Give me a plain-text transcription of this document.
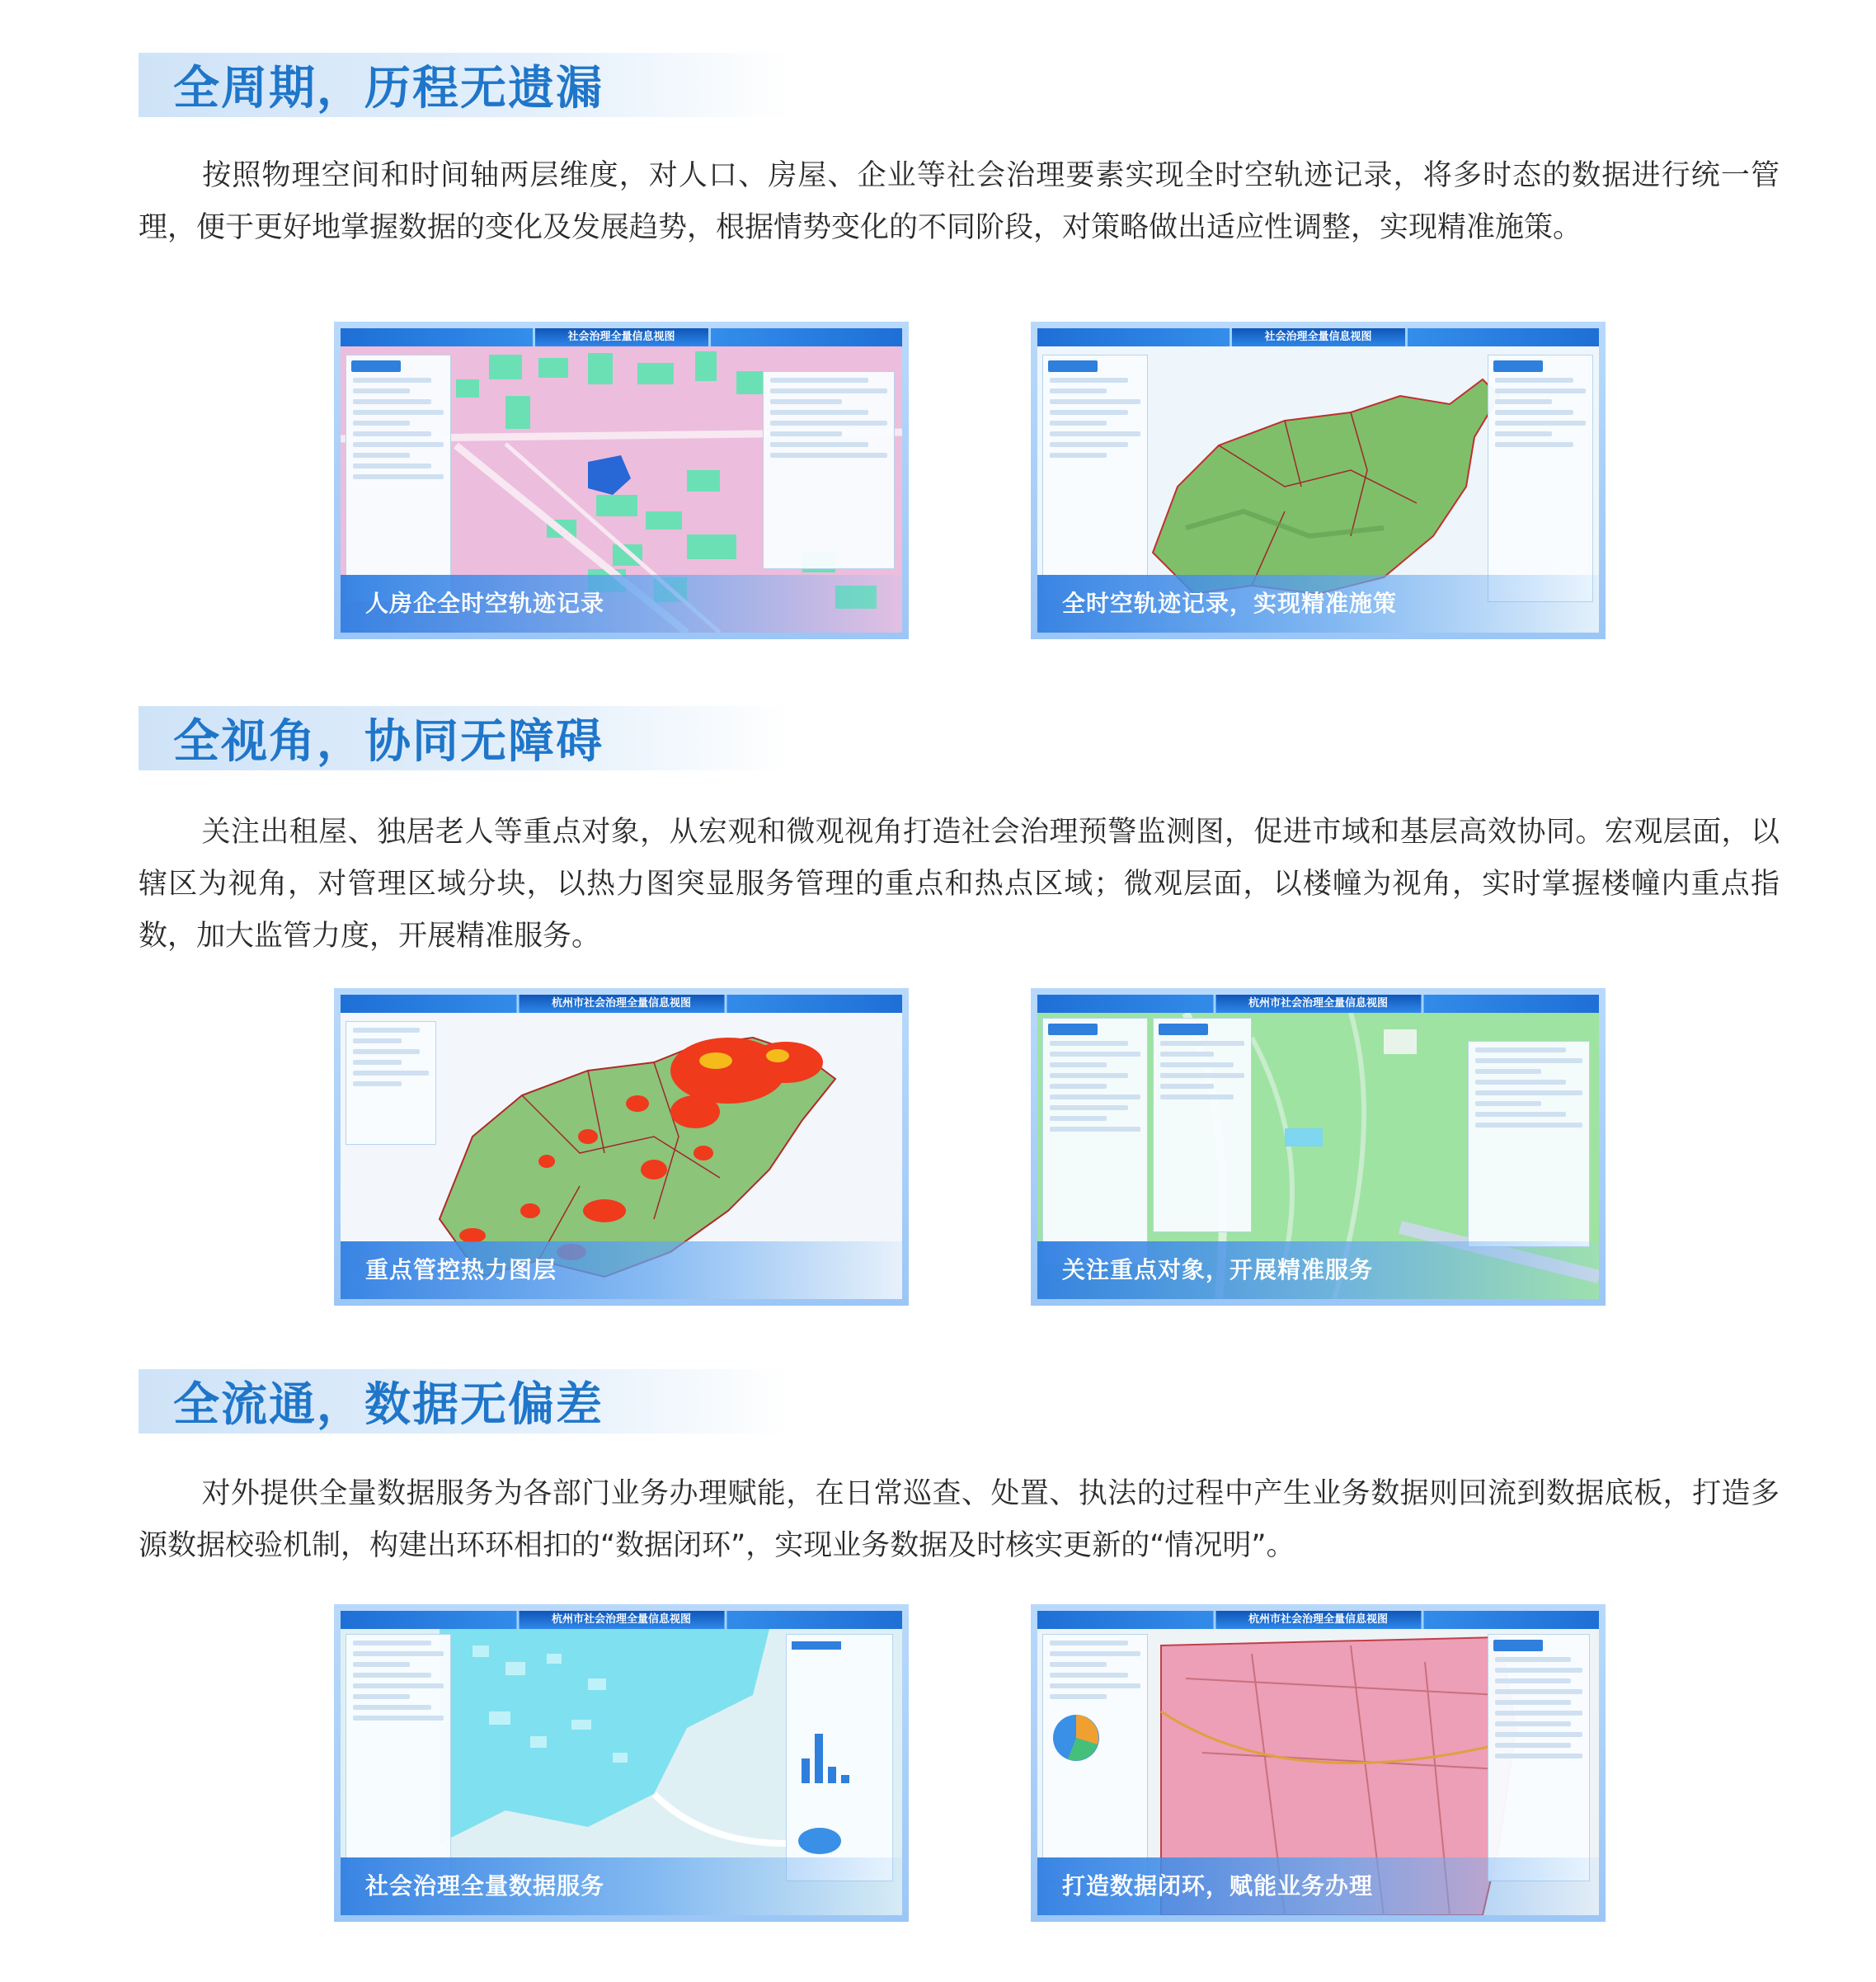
全周期，历程无遗漏

按照物理空间和时间轴两层维度，对人口、房屋、企业等社会治理要素实现全时空轨迹记录，将多时态的数据进行统一管理，便于更好地掌握数据的变化及发展趋势，根据情势变化的不同阶段，对策略做出适应性调整，实现精准施策。

社会治理全量信息视图
人房企全时空轨迹记录
社会治理全量信息视图
全时空轨迹记录，实现精准施策
全视角，协同无障碍

关注出租屋、独居老人等重点对象，从宏观和微观视角打造社会治理预警监测图，促进市域和基层高效协同。宏观层面，以辖区为视角，对管理区域分块，以热力图突显服务管理的重点和热点区域；微观层面，以楼幢为视角，实时掌握楼幢内重点指数，加大监管力度，开展精准服务。

杭州市社会治理全量信息视图
重点管控热力图层
杭州市社会治理全量信息视图
关注重点对象，开展精准服务
全流通，数据无偏差

对外提供全量数据服务为各部门业务办理赋能，在日常巡查、处置、执法的过程中产生业务数据则回流到数据底板，打造多源数据校验机制，构建出环环相扣的“数据闭环”，实现业务数据及时核实更新的“情况明”。

杭州市社会治理全量信息视图
社会治理全量数据服务
杭州市社会治理全量信息视图
打造数据闭环，赋能业务办理
